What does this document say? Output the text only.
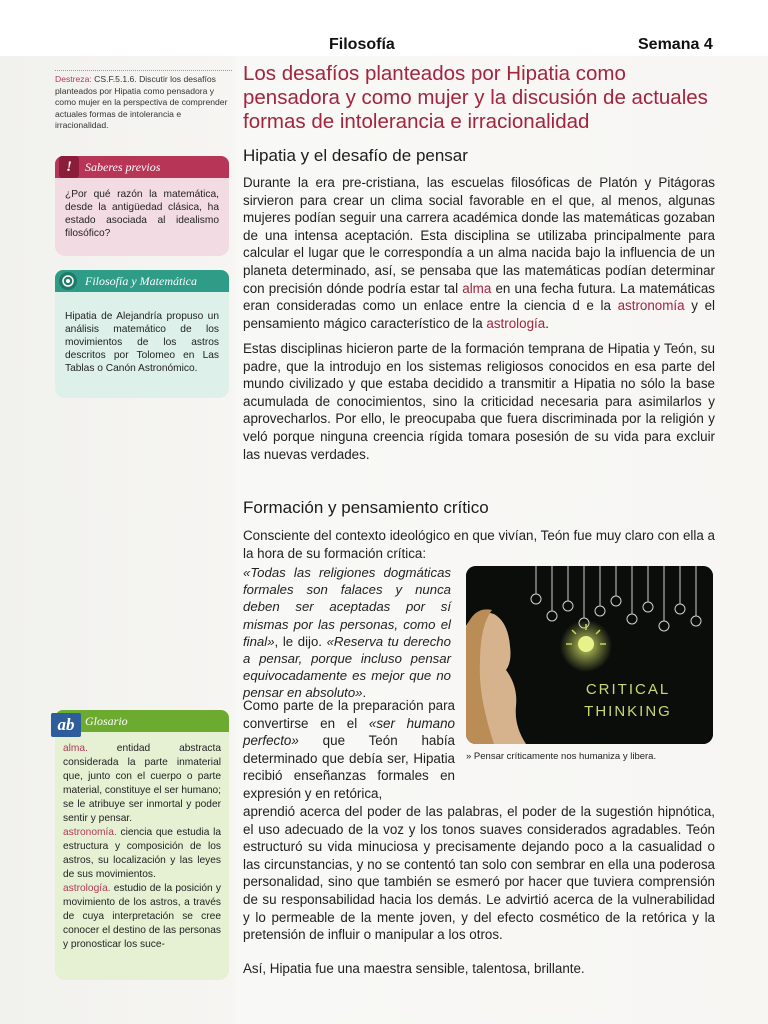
Filosofía	Semana 4
Destreza: CS.F.5.1.6. Discutir los desafíos planteados por Hipatia como pensadora y como mujer en la perspectiva de comprender actuales formas de intolerancia e irracionalidad.
!	Saberes previos
¿Por qué razón la matemática, desde la antigüedad clásica, ha estado asociada al idealismo filosófico?
Filosofía y Matemática
Hipatia de Alejandría propuso un análisis matemático de los movimientos de los astros descritos por Tolomeo en Las Tablas o Canón Astronómico.
ab Glosario
alma. entidad abstracta considerada la parte inmaterial que, junto con el cuerpo o parte material, constituye el ser humano; se le atribuye ser inmortal y poder sentir y pensar.
astronomía. ciencia que estudia la estructura y composición de los astros, su localización y las leyes de sus movimientos.
astrología. estudio de la posición y movimiento de los astros, a través de cuya interpretación se cree conocer el destino de las personas y pronosticar los suce-
Los desafíos planteados por Hipatia como pensadora y como mujer y la discusión de actuales formas de intolerancia e irracionalidad
Hipatia y el desafío de pensar

Durante la era pre-cristiana, las escuelas filosóficas de Platón y Pitágoras sirvieron para crear un clima social favorable en el que, al menos, algunas mujeres podían seguir una carrera académica donde las matemáticas gozaban de una intensa aceptación. Esta disciplina se utilizaba principalmente para calcular el lugar que le correspondía a un alma nacida bajo la influencia de un planeta determinado, así, se pensaba que las matemáticas podían determinar con precisión dónde podría estar tal alma en una fecha futura. La matemáticas eran consideradas como un enlace entre la ciencia d e la astronomía y el pensamiento mágico característico de la astrología.

Estas disciplinas hicieron parte de la formación temprana de Hipatia y Teón, su padre, que la introdujo en los sistemas religiosos conocidos en esa parte del mundo civilizado y que estaba decidido a transmitir a Hipatia no sólo la base acumulada de conocimientos, sino la criticidad necesaria para asimilarlos y aprovecharlos. Por ello, le preocupaba que fuera discriminada por la religión y veló porque ninguna creencia rígida tomara posesión de su vida para excluir las nuevas verdades.

Formación y pensamiento crítico

Consciente del contexto ideológico en que vivían, Teón fue muy claro con ella a la hora de su formación crítica:

«Todas las religiones dogmáticas formales son falaces y nunca deben ser aceptadas por sí mismas por las personas, como el final», le dijo. «Reserva tu derecho a pensar, porque incluso pensar equivocadamente es mejor que no pensar en absoluto».	CRITICAL
THINKING
» Pensar críticamente nos humaniza y libera.
Como parte de la preparación para convertirse en el «ser humano perfecto» que Teón había determinado que debía ser, Hipatia recibió enseñanzas formales en expresión y en retórica,

aprendió acerca del poder de las palabras, el poder de la sugestión hipnótica, el uso adecuado de la voz y los tonos suaves considerados agradables. Teón estructuró su vida minuciosa y precisamente dejando poco a la casualidad o las circunstancias, y no se contentó tan solo con sembrar en ella una poderosa personalidad, sino que también se esmeró por hacer que tuviera comprensión de su responsabilidad hacia los demás. Le advirtió acerca de la vulnerabilidad y lo permeable de la mente joven, y del efecto cosmético de la retórica y la pretensión de influir o manipular a los otros.

Así, Hipatia fue una maestra sensible, talentosa, brillante.
